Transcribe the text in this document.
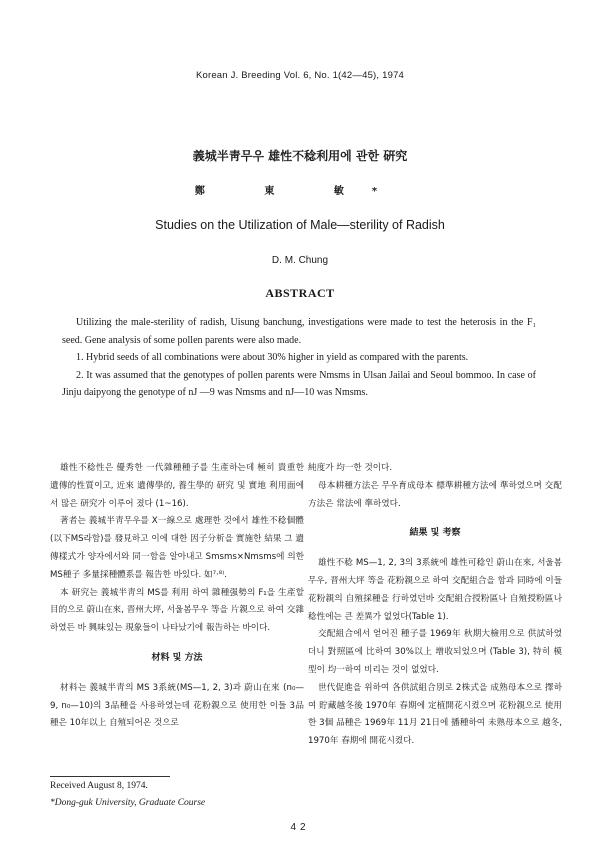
Korean J. Breeding Vol. 6, No. 1(42—45), 1974
義城半靑무우 雄性不稔利用에 관한 硏究
鄭 東 敏*
Studies on the Utilization of Male—sterility of Radish
D. M. Chung
ABSTRACT

Utilizing the male-sterility of radish, Uisung banchung, investigations were made to test the heterosis in the F₁ seed. Gene analysis of some pollen parents were also made.

1. Hybrid seeds of all combinations were about 30% higher in yield as compared with the parents.

2. It was assumed that the genotypes of pollen parents were Nmsms in Ulsan Jailai and Seoul bommoo. In case of Jinju daipyong the genotype of nJ —9 was Nmsms and nJ—10 was Nmsms.

雄性不稔性은 優秀한 一代雜種種子를 生產하는데 極히 貴重한 遺傳的性質이고, 近來 遺傳學的, 養生學的 研究 및 實地 利用面에서 많은 研究가 이루어 졌다 (1~16).

著者는 義城半靑무우를 X一線으로 處理한 것에서 雄性不稔個體(以下MS라함)를 發見하고 이에 대한 因子分析을 實施한 結果 그 遺傳樣式가 양자에서와 同一함을 알아내고 Smsms×Nmsms에 의한 MS種子 多量採種體系를 報告한 바있다. 如⁷·⁸⁾.

本 研究는 義城半靑의 MS를 利用 하여 雜種强勢의 F₁을 生產할 目的으로 蔚山在來, 晋州大坪, 서울봄무우 等을 片親으로 하여 交雜하였든 바 興味있는 現象들이 나타났기에 報告하는 바이다.

材料 및 方法

材料는 義城半靑의 MS 3系統(MS—1, 2, 3)과 蔚山在來 (n₀—9, n₀—10)의 3品種을 사용하였는데 花粉親으로 使用한 이들 3品種은 10年以上 自殖되어온 것으로

純度가 均一한 것이다.

母本耕種方法은 무우育成母本 標準耕種方法에 準하였으며 交配方法은 常法에 準하였다.

結果 및 考察

雄性不稔 MS—1, 2, 3의 3系統에 雄性可稔인 蔚山在來, 서울봄무우, 晋州大坪 等을 花粉親으로 하여 交配組合을 함과 同時에 이들 花粉親의 自殖採種을 行하였던바 交配組合授粉區나 自殖授粉區나 稔性에는 큰 差異가 없었다(Table 1).

交配組合에서 얻어진 種子를 1969年 秋期大檢用으로 供試하였더니 對照區에 比하여 30%以上 增收되었으며 (Table 3), 特히 模型이 均一하여 비리는 것이 없었다.

世代促進을 위하여 各供試組合別로 2株式을 成熟母本으로 擇하여 貯藏越冬後 1970年 春期에 定植開花시켰으며 花粉親으로 使用한 3個 品種은 1969年 11月 21日에 播種하여 未熟母本으로 越冬, 1970年 春期에 開花시켰다.

Received August 8, 1974.
*Dong-guk University, Graduate Course
42
